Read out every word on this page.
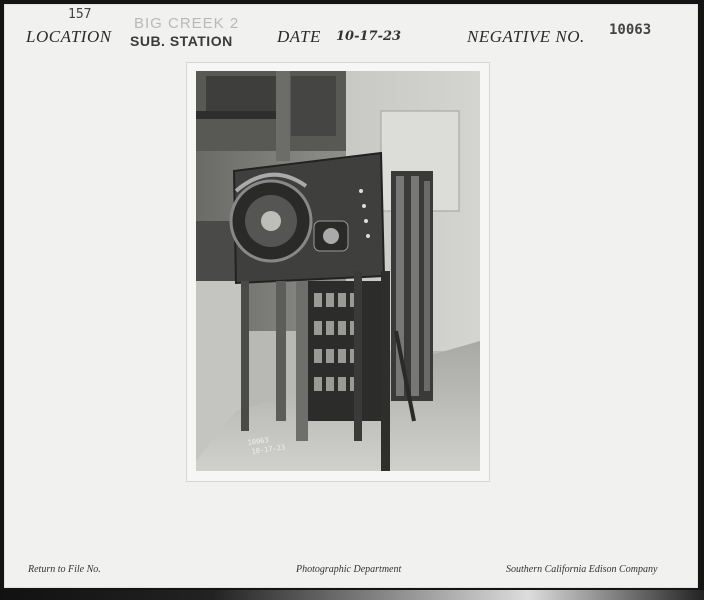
157
LOCATION
BIG CREEK 2
SUB. STATION	DATE 10-17-23	NEGATIVE NO. 10063
10063
10-17-23
Return to File No.	Photographic Department	Southern California Edison Company
